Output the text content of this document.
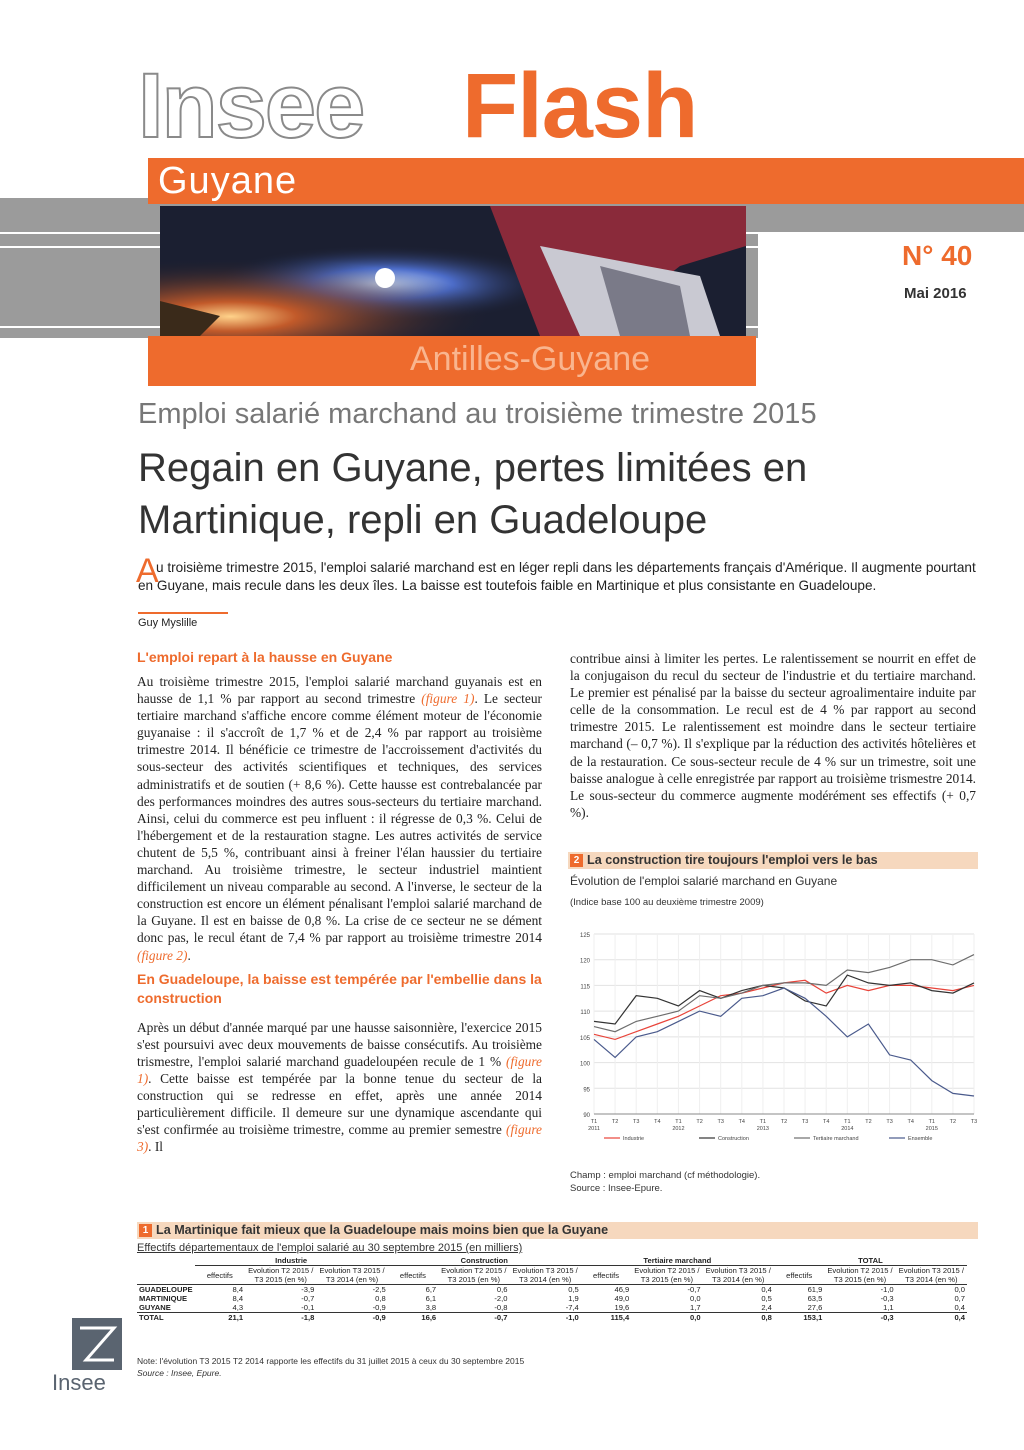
Insee Flash
Guyane
N° 40
Mai 2016
Antilles-Guyane
Emploi salarié marchand au troisième trimestre 2015
Regain en Guyane, pertes limitées en Martinique, repli en Guadeloupe
A
u troisième trimestre 2015, l'emploi salarié marchand est en léger repli dans les départements français d'Amérique. Il augmente pourtant en Guyane, mais recule dans les deux îles. La baisse est toutefois faible en Martinique et plus consistante en Guadeloupe.
Guy Myslille
L'emploi repart à la hausse en Guyane

Au troisième trimestre 2015, l'emploi salarié marchand guyanais est en hausse de 1,1 % par rapport au second trimestre (figure 1). Le secteur tertiaire marchand s'affiche encore comme élément moteur de l'économie guyanaise : il s'accroît de 1,7 % et de 2,4 % par rapport au troisième trimestre 2014. Il bénéficie ce trimestre de l'accroissement d'activités du sous-secteur des activités scientifiques et techniques, des services administratifs et de soutien (+ 8,6 %). Cette hausse est contrebalancée par des performances moindres des autres sous-secteurs du tertiaire marchand. Ainsi, celui du commerce est peu influent : il régresse de 0,3 %. Celui de l'hébergement et de la restauration stagne. Les autres activités de service chutent de 5,5 %, contribuant ainsi à freiner l'élan haussier du tertiaire marchand. Au troisième trimestre, le secteur industriel maintient difficilement un niveau comparable au second. A l'inverse, le secteur de la construction est encore un élément pénalisant l'emploi salarié marchand de la Guyane. Il est en baisse de 0,8 %. La crise de ce secteur ne se dément donc pas, le recul étant de 7,4 % par rapport au troisième trimestre 2014 (figure 2).

En Guadeloupe, la baisse est tempérée par l'embellie dans la construction

Après un début d'année marqué par une hausse saisonnière, l'exercice 2015 s'est poursuivi avec deux mouvements de baisse consécutifs. Au troisième trismestre, l'emploi salarié marchand guadeloupéen recule de 1 % (figure 1). Cette baisse est tempérée par la bonne tenue du secteur de la construction qui se redresse en effet, après une année 2014 particulièrement difficile. Il demeure sur une dynamique ascendante qui s'est confirmée au troisième trimestre, comme au premier semestre (figure 3). Il

contribue ainsi à limiter les pertes. Le ralentissement se nourrit en effet de la conjugaison du recul du secteur de l'industrie et du tertiaire marchand. Le premier est pénalisé par la baisse du secteur agroalimentaire induite par celle de la consommation. Le recul est de 4 % par rapport au second trimestre 2015. Le ralentissement est moindre dans le secteur tertiaire marchand (– 0,7 %). Il s'explique par la réduction des activités hôtelières et de la restauration. Ce sous-secteur recule de 4 % sur un trimestre, soit une baisse analogue à celle enregistrée par rapport au troisième trismestre 2014. Le sous-secteur du commerce augmente modérément ses effectifs (+ 0,7 %).
2 La construction tire toujours l'emploi vers le bas
Évolution de l'emploi salarié marchand en Guyane
(Indice base 100 au deuxième trimestre 2009)
90
95
100
105
110
115
120
125
T1
2011
T2	T3	T4	T1
2012
T2	T3	T4	T1
2013
T2	T3	T4	T1
2014
T2	T3	T4	T1
2015
T2	T3
Industrie	Construction	Tertiaire marchand	Ensemble
Champ : emploi marchand (cf méthodologie).
Source : Insee-Epure.
1 La Martinique fait mieux que la Guadeloupe mais moins bien que la Guyane
Effectifs départementaux de l'emploi salarié au 30 septembre 2015 (en milliers)
	Industrie			Construction			Tertiaire marchand			TOTAL		
	effectifs	Evolution T2 2015 / T3 2015 (en %)	Evolution T3 2015 / T3 2014 (en %)	effectifs	Evolution T2 2015 / T3 2015 (en %)	Evolution T3 2015 / T3 2014 (en %)	effectifs	Evolution T2 2015 / T3 2015 (en %)	Evolution T3 2015 / T3 2014 (en %)	effectifs	Evolution T2 2015 / T3 2015 (en %)	Evolution T3 2015 / T3 2014 (en %)
GUADELOUPE	8,4	-3,9	-2,5	6,7	0,6	0,5	46,9	-0,7	0,4	61,9	-1,0	0,0
MARTINIQUE	8,4	-0,7	0,8	6,1	-2,0	1,9	49,0	0,0	0,5	63,5	-0,3	0,7
GUYANE	4,3	-0,1	-0,9	3,8	-0,8	-7,4	19,6	1,7	2,4	27,6	1,1	0,4
TOTAL	21,1	-1,8	-0,9	16,6	-0,7	-1,0	115,4	0,0	0,8	153,1	-0,3	0,4
Note: l'évolution T3 2015 T2 2014 rapporte les effectifs du 31 juillet 2015 à ceux du 30 septembre 2015
Source : Insee, Epure.
Insee
